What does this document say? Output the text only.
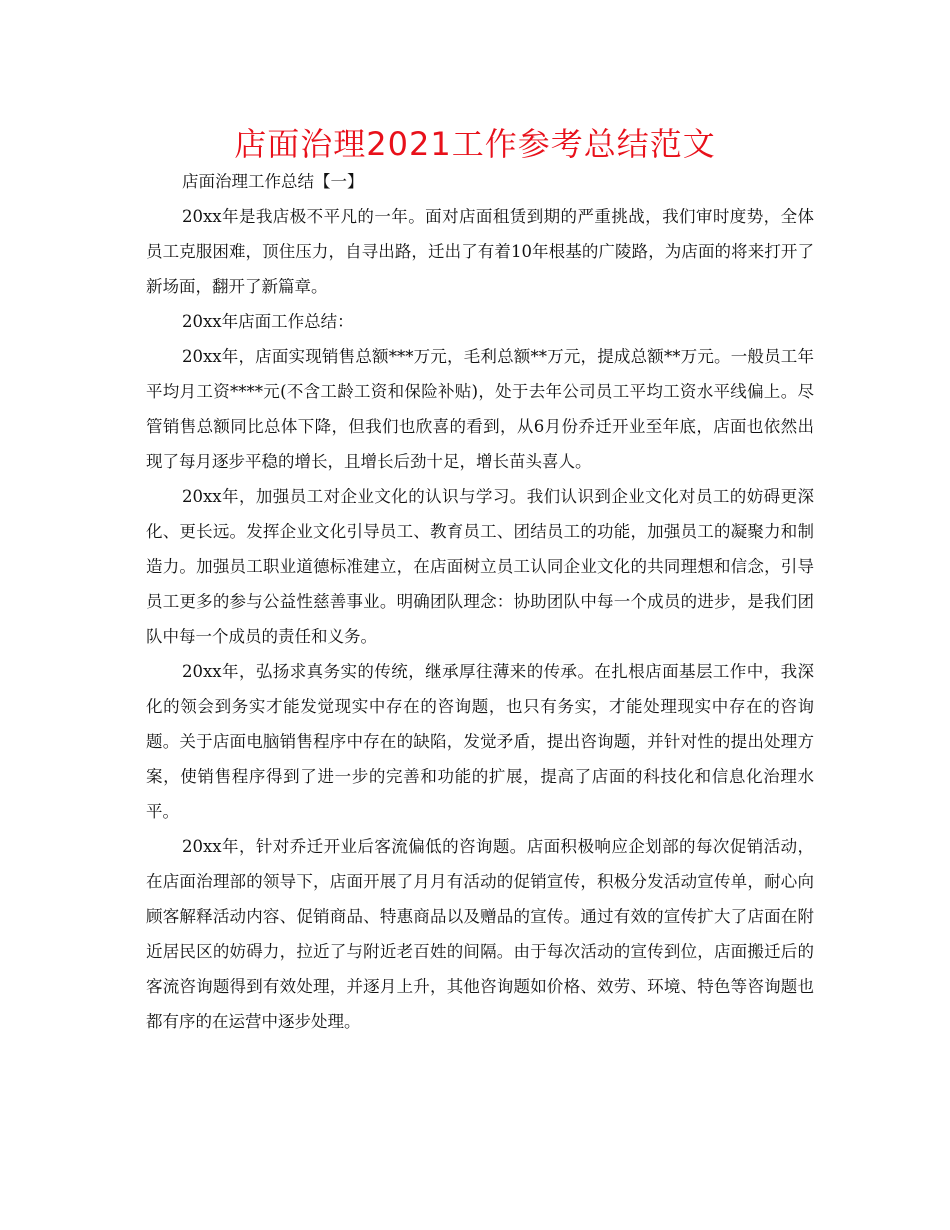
店面治理2021工作参考总结范文

店面治理工作总结【一】

20xx年是我店极不平凡的一年。面对店面租赁到期的严重挑战，我们审时度势，全体员工克服困难，顶住压力，自寻出路，迁出了有着10年根基的广陵路，为店面的将来打开了新场面，翻开了新篇章。

20xx年店面工作总结：

20xx年，店面实现销售总额***万元，毛利总额**万元，提成总额**万元。一般员工年平均月工资****元(不含工龄工资和保险补贴)，处于去年公司员工平均工资水平线偏上。尽管销售总额同比总体下降，但我们也欣喜的看到，从6月份乔迁开业至年底，店面也依然出现了每月逐步平稳的增长，且增长后劲十足，增长苗头喜人。

20xx年，加强员工对企业文化的认识与学习。我们认识到企业文化对员工的妨碍更深化、更长远。发挥企业文化引导员工、教育员工、团结员工的功能，加强员工的凝聚力和制造力。加强员工职业道德标准建立，在店面树立员工认同企业文化的共同理想和信念，引导员工更多的参与公益性慈善事业。明确团队理念：协助团队中每一个成员的进步，是我们团队中每一个成员的责任和义务。

20xx年，弘扬求真务实的传统，继承厚往薄来的传承。在扎根店面基层工作中，我深化的领会到务实才能发觉现实中存在的咨询题，也只有务实，才能处理现实中存在的咨询题。关于店面电脑销售程序中存在的缺陷，发觉矛盾，提出咨询题，并针对性的提出处理方案，使销售程序得到了进一步的完善和功能的扩展，提高了店面的科技化和信息化治理水平。

20xx年，针对乔迁开业后客流偏低的咨询题。店面积极响应企划部的每次促销活动，在店面治理部的领导下，店面开展了月月有活动的促销宣传，积极分发活动宣传单，耐心向顾客解释活动内容、促销商品、特惠商品以及赠品的宣传。通过有效的宣传扩大了店面在附近居民区的妨碍力，拉近了与附近老百姓的间隔。由于每次活动的宣传到位，店面搬迁后的客流咨询题得到有效处理，并逐月上升，其他咨询题如价格、效劳、环境、特色等咨询题也都有序的在运营中逐步处理。
